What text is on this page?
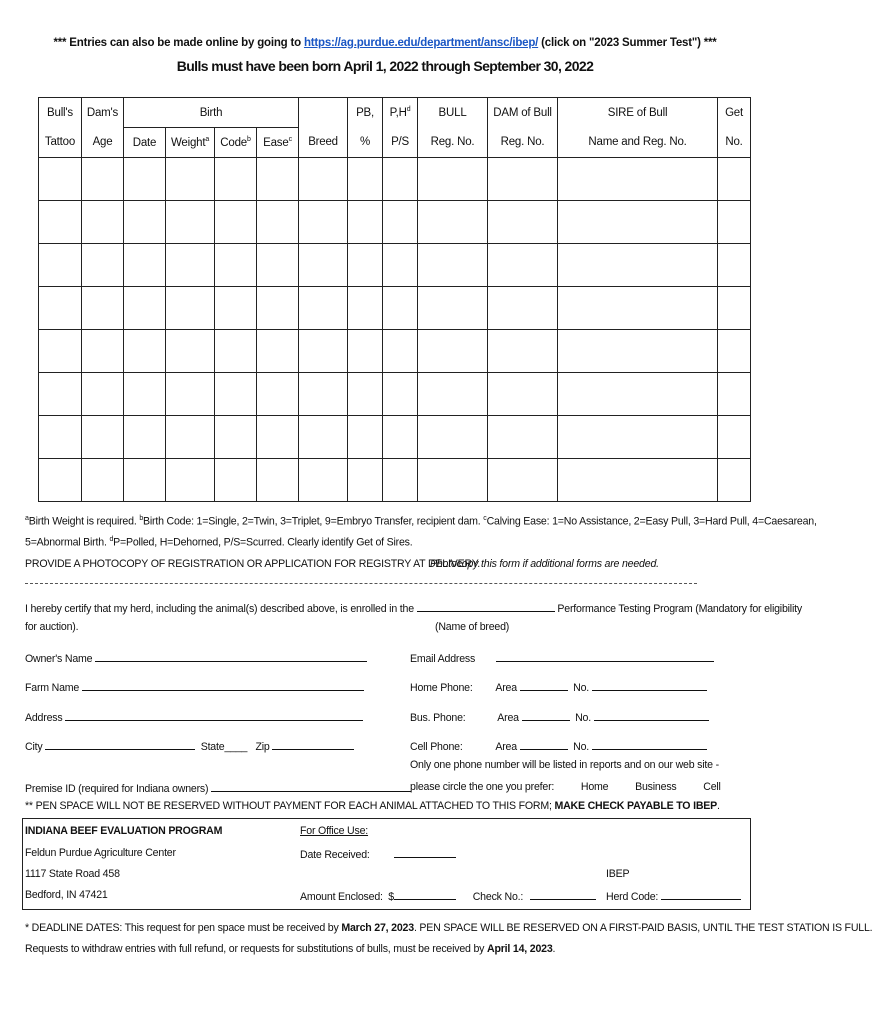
*** Entries can also be made online by going to https://ag.purdue.edu/department/ansc/ibep/ (click on "2023 Summer Test") ***
Bulls must have been born April 1, 2022 through September 30, 2022
Bull's	Dam's	Birth					PB,	$P,H^d$	BULL	DAM of Bull	SIRE of Bull	Get
Tattoo	Age	Date	Weight$^a$	Code$^b$	Ease$^c$	Breed	%	P/S	Reg. No.	Reg. No.	Name and Reg. No.	No.

$^a$Birth Weight is required. $^b$Birth Code: 1=Single, 2=Twin, 3=Triplet, 9=Embryo Transfer, recipient dam. $^c$Calving Ease: 1=No Assistance, 2=Easy Pull, 3=Hard Pull, 4=Caesarean,
5=Abnormal Birth. $^d$P=Polled, H=Dehorned, P/S=Scurred. Clearly identify Get of Sires.
PROVIDE A PHOTOCOPY OF REGISTRATION OR APPLICATION FOR REGISTRY AT DELIVERY.
Photocopy this form if additional forms are needed.
I hereby certify that my herd, including the animal(s) described above, is enrolled in the	Performance Testing Program (Mandatory for eligibility
for auction).	(Name of breed)
Owner's Name
Farm Name
Address
City	State____ Zip
Email Address
Home Phone: Area	No.
Bus. Phone:	Area	No.
Cell Phone:	Area	No.
Only one phone number will be listed in reports and on our web site -
please circle the one you prefer:	Home	Business	Cell
Premise ID (required for Indiana owners)
** PEN SPACE WILL NOT BE RESERVED WITHOUT PAYMENT FOR EACH ANIMAL ATTACHED TO THIS FORM; MAKE CHECK PAYABLE TO IBEP.
INDIANA BEEF EVALUATION PROGRAM
Feldun Purdue Agriculture Center
1117 State Road 458
Bedford, IN 47421
For Office Use:
Date Received:
Amount Enclosed: $	Check No.:
IBEP
Herd Code:
* DEADLINE DATES: This request for pen space must be received by March 27, 2023. PEN SPACE WILL BE RESERVED ON A FIRST-PAID BASIS, UNTIL THE TEST STATION IS FULL.
Requests to withdraw entries with full refund, or requests for substitutions of bulls, must be received by April 14, 2023.
